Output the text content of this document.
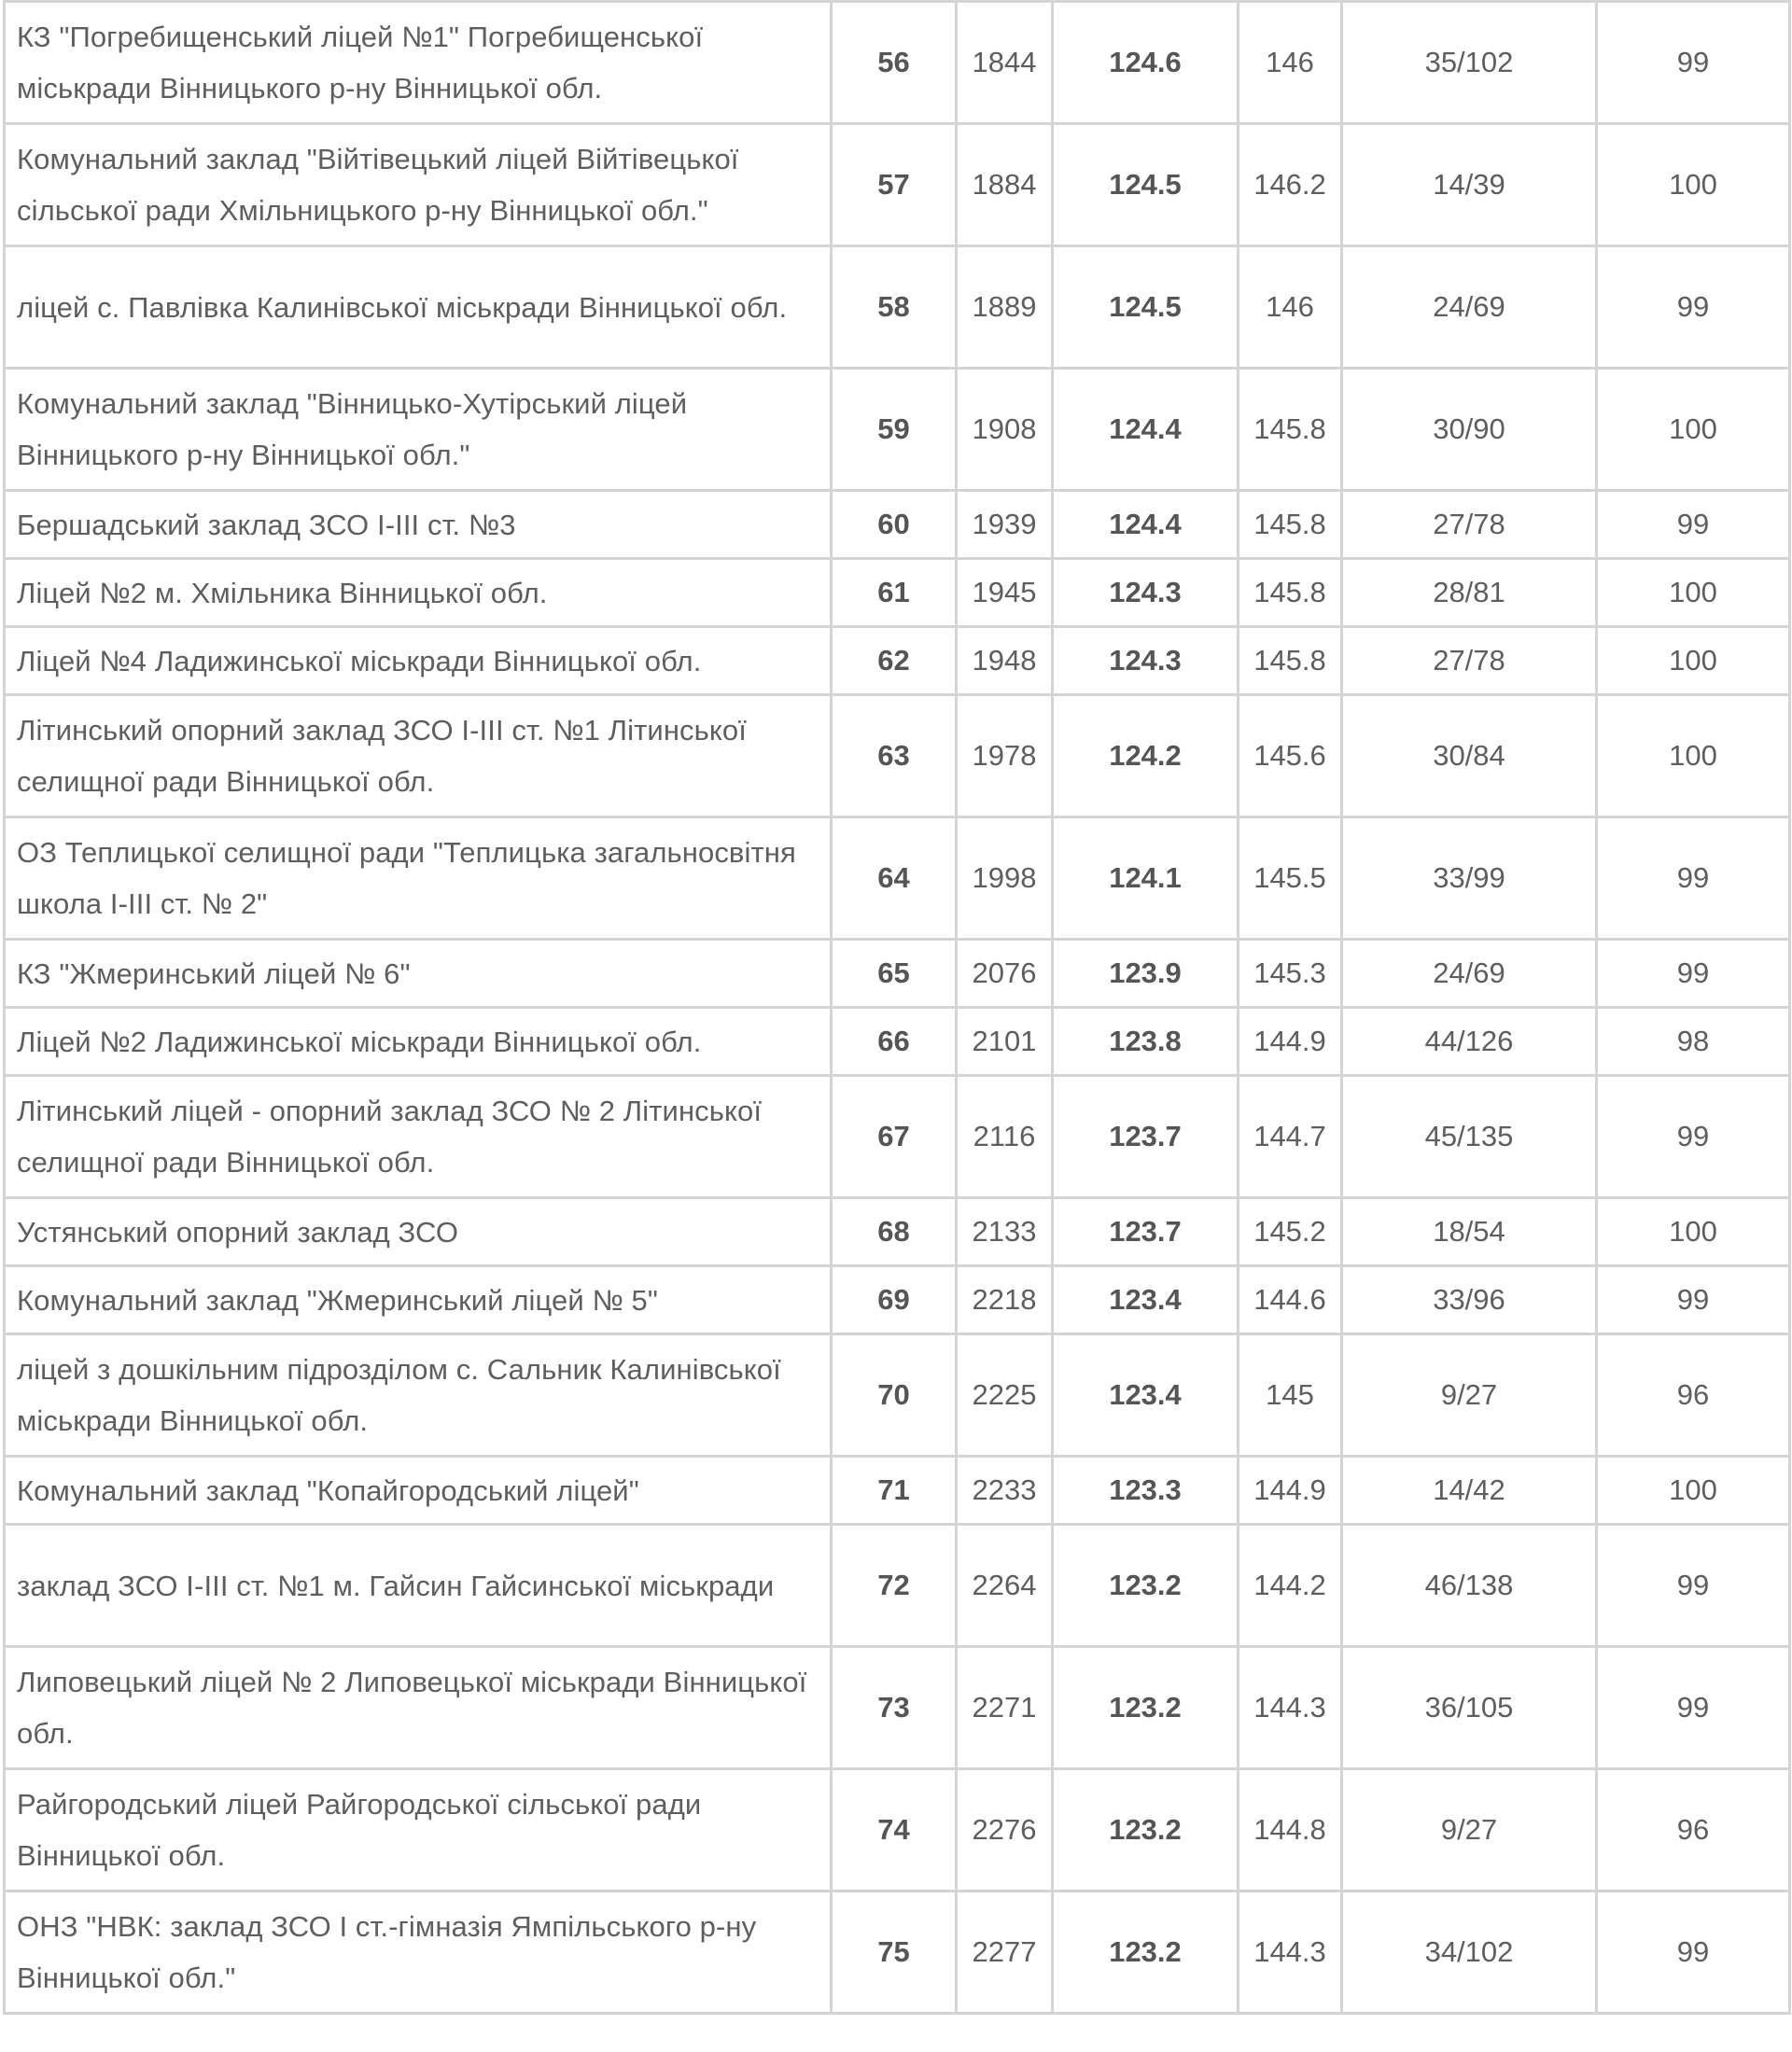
КЗ "Погребищенський ліцей №1" Погребищенської міськради Вінницького р-ну Вінницької обл.	56	1844	124.6	146	35/102	99
Комунальний заклад "Війтівецький ліцей Війтівецької сільської ради Хмільницького р-ну Вінницької обл."	57	1884	124.5	146.2	14/39	100
ліцей с. Павлівка Калинівської міськради Вінницької обл.	58	1889	124.5	146	24/69	99
Комунальний заклад "Вінницько-Хутірський ліцей Вінницького р-ну Вінницької обл."	59	1908	124.4	145.8	30/90	100
Бершадський заклад ЗСО І-ІІІ ст. №3	60	1939	124.4	145.8	27/78	99
Ліцей №2 м. Хмільника Вінницької обл.	61	1945	124.3	145.8	28/81	100
Ліцей №4 Ладижинської міськради Вінницької обл.	62	1948	124.3	145.8	27/78	100
Літинський опорний заклад ЗСО І-ІІІ ст. №1 Літинської селищної ради Вінницької обл.	63	1978	124.2	145.6	30/84	100
ОЗ Теплицької селищної ради "Теплицька загальносвітня школа І-ІІІ ст. № 2"	64	1998	124.1	145.5	33/99	99
КЗ "Жмеринський ліцей № 6"	65	2076	123.9	145.3	24/69	99
Ліцей №2 Ладижинської міськради Вінницької обл.	66	2101	123.8	144.9	44/126	98
Літинський ліцей - опорний заклад ЗСО № 2 Літинської селищної ради Вінницької обл.	67	2116	123.7	144.7	45/135	99
Устянський опорний заклад ЗСО	68	2133	123.7	145.2	18/54	100
Комунальний заклад "Жмеринський ліцей № 5"	69	2218	123.4	144.6	33/96	99
ліцей з дошкільним підрозділом с. Сальник Калинівської міськради Вінницької обл.	70	2225	123.4	145	9/27	96
Комунальний заклад "Копайгородський ліцей"	71	2233	123.3	144.9	14/42	100
заклад ЗСО І-ІІІ ст. №1 м. Гайсин Гайсинської міськради	72	2264	123.2	144.2	46/138	99
Липовецький ліцей № 2 Липовецької міськради Вінницької обл.	73	2271	123.2	144.3	36/105	99
Райгородський ліцей Райгородської сільської ради Вінницької обл.	74	2276	123.2	144.8	9/27	96
ОНЗ "НВК: заклад ЗСО І ст.-гімназія Ямпільського р-ну Вінницької обл."	75	2277	123.2	144.3	34/102	99
